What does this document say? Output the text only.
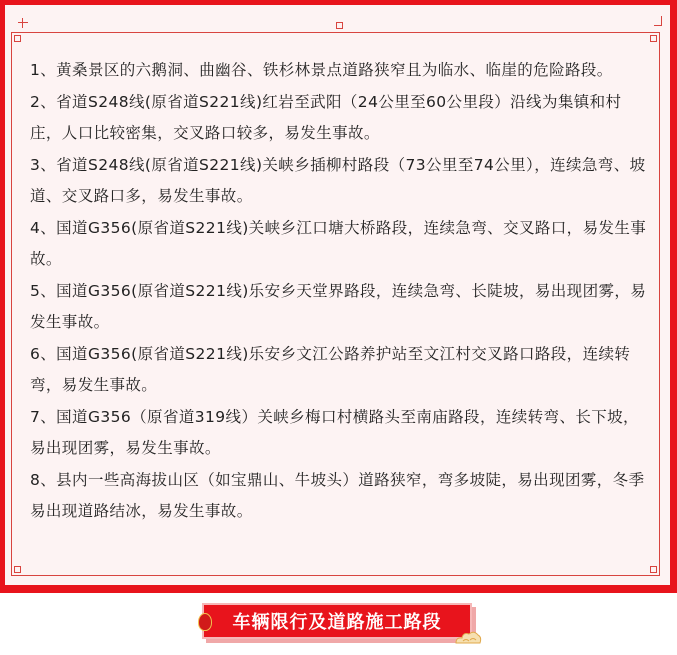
1、黄桑景区的六鹅洞、曲幽谷、铁杉林景点道路狭窄且为临水、临崖的危险路段。

2、省道S248线(原省道S221线)红岩至武阳（24公里至60公里段）沿线为集镇和村庄，人口比较密集，交叉路口较多，易发生事故。

3、省道S248线(原省道S221线)关峡乡插柳村路段（73公里至74公里），连续急弯、坡道、交叉路口多，易发生事故。

4、国道G356(原省道S221线)关峡乡江口塘大桥路段，连续急弯、交叉路口，易发生事故。

5、国道G356(原省道S221线)乐安乡天堂界路段，连续急弯、长陡坡，易出现团雾，易发生事故。

6、国道G356(原省道S221线)乐安乡文江公路养护站至文江村交叉路口路段，连续转弯，易发生事故。

7、国道G356（原省道319线）关峡乡梅口村横路头至南庙路段，连续转弯、长下坡，易出现团雾，易发生事故。

8、县内一些高海拔山区（如宝鼎山、牛坡头）道路狭窄，弯多坡陡，易出现团雾，冬季易出现道路结冰，易发生事故。

车辆限行及道路施工路段
